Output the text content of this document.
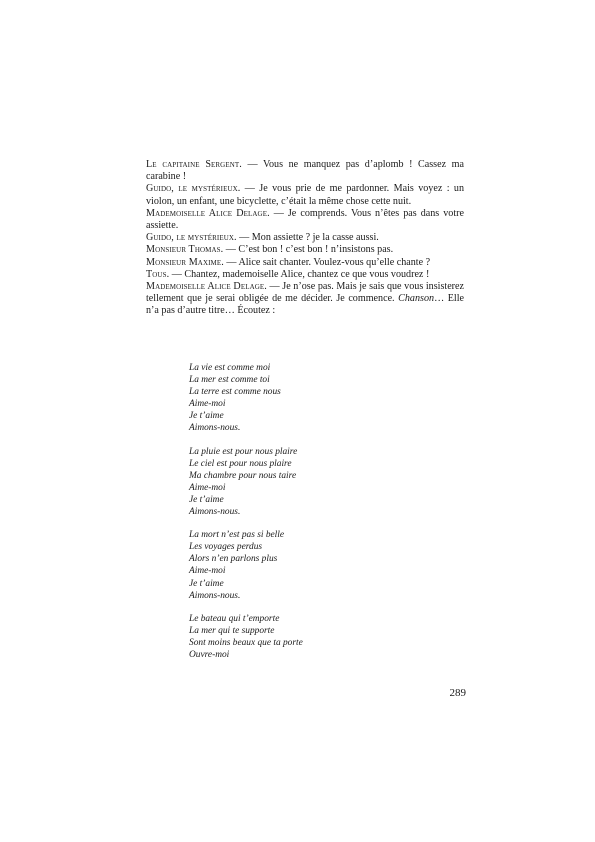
Le capitaine Sergent. — Vous ne manquez pas d’aplomb ! Cassez ma carabine !

Guido, le mystérieux. — Je vous prie de me pardonner. Mais voyez : un violon, un enfant, une bicyclette, c’était la même chose cette nuit.

Mademoiselle Alice Delage. — Je comprends. Vous n’êtes pas dans votre assiette.

Guido, le mystérieux. — Mon assiette ? je la casse aussi.

Monsieur Thomas. — C’est bon ! c’est bon ! n’insistons pas.

Monsieur Maxime. — Alice sait chanter. Voulez-vous qu’elle chante ?

Tous. — Chantez, mademoiselle Alice, chantez ce que vous voudrez !

Mademoiselle Alice Delage. — Je n’ose pas. Mais je sais que vous insisterez tellement que je serai obligée de me décider. Je commence. Chanson… Elle n’a pas d’autre titre… Écoutez :

La vie est comme moi
La mer est comme toi
La terre est comme nous
Aime-moi
Je t’aime
Aimons-nous.
La pluie est pour nous plaire
Le ciel est pour nous plaire
Ma chambre pour nous taire
Aime-moi
Je t’aime
Aimons-nous.
La mort n’est pas si belle
Les voyages perdus
Alors n’en parlons plus
Aime-moi
Je t’aime
Aimons-nous.
Le bateau qui t’emporte
La mer qui te supporte
Sont moins beaux que ta porte
Ouvre-moi
289
